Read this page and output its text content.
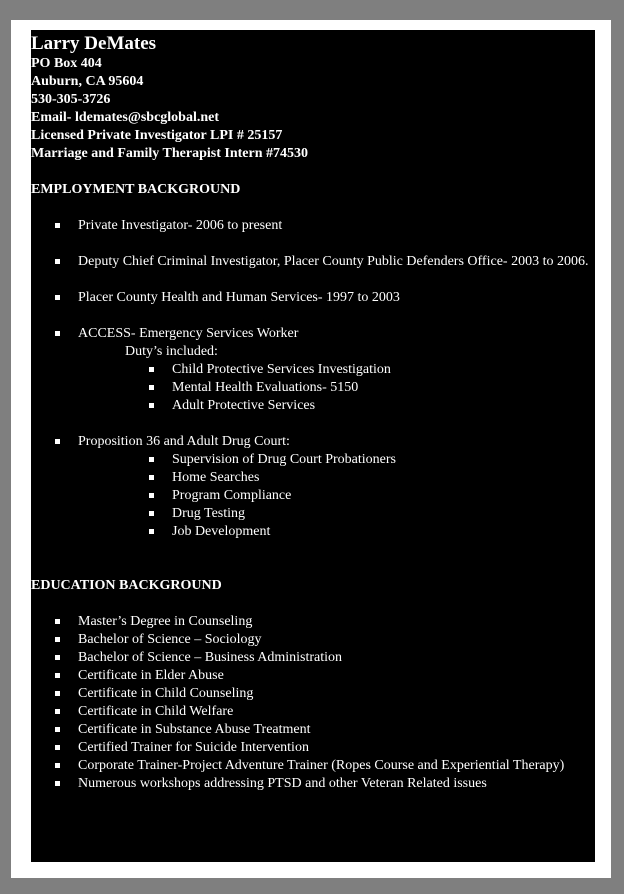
Larry DeMates
PO Box 404
Auburn, CA 95604
530-305-3726
Email- ldemates@sbcglobal.net
Licensed Private Investigator LPI # 25157
Marriage and Family Therapist Intern #74530
EMPLOYMENT BACKGROUND
Private Investigator- 2006 to present
Deputy Chief Criminal Investigator, Placer County Public Defenders Office- 2003 to 2006.
Placer County Health and Human Services- 1997 to 2003
ACCESS- Emergency Services Worker
Duty’s included:
Child Protective Services Investigation
Mental Health Evaluations- 5150
Adult Protective Services
Proposition 36 and Adult Drug Court:
Supervision of Drug Court Probationers
Home Searches
Program Compliance
Drug Testing
Job Development
EDUCATION BACKGROUND
Master’s Degree in Counseling
Bachelor of Science – Sociology
Bachelor of Science – Business Administration
Certificate in Elder Abuse
Certificate in Child Counseling
Certificate in Child Welfare
Certificate in Substance Abuse Treatment
Certified Trainer for Suicide Intervention
Corporate Trainer-Project Adventure Trainer (Ropes Course and Experiential Therapy)
Numerous workshops addressing PTSD and other Veteran Related issues
